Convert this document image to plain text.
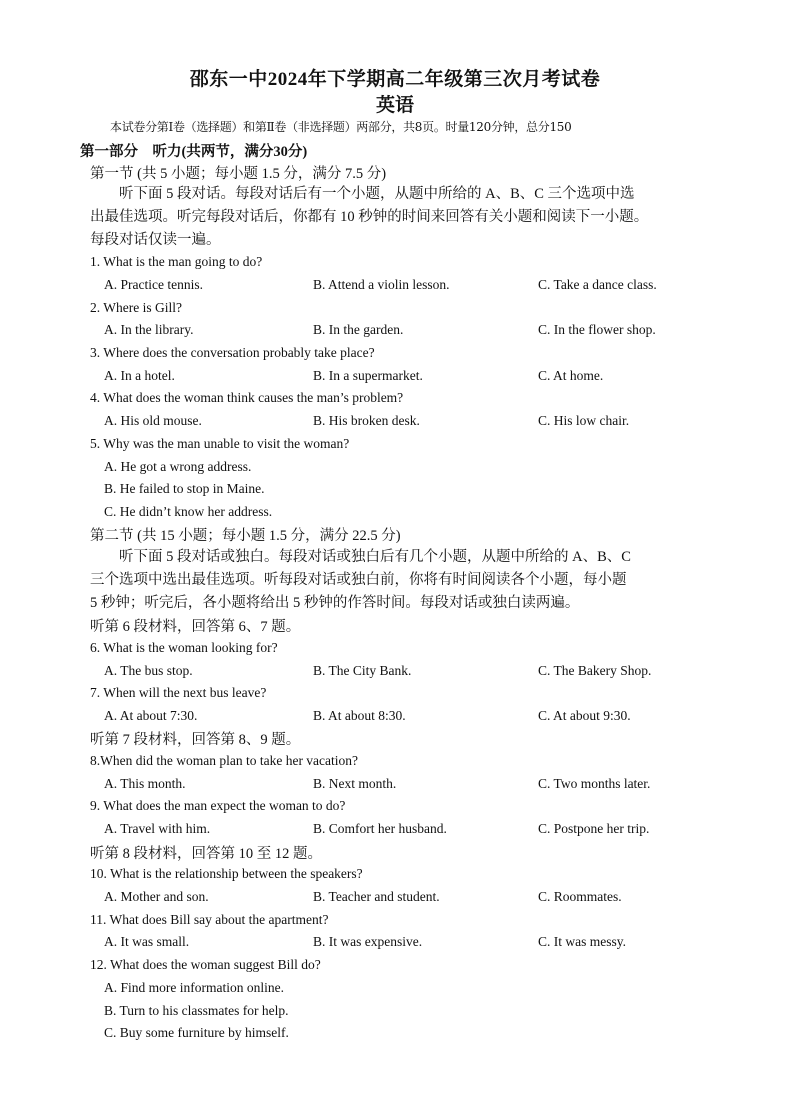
邵东一中2024年下学期高二年级第三次月考试卷
英语
本试卷分第Ⅰ卷（选择题）和第Ⅱ卷（非选择题）两部分，共8页。时量120分钟，总分150
第一部分　听力(共两节，满分30分)
第一节 (共 5 小题；每小题 1.5 分，满分 7.5 分)
　　听下面 5 段对话。每段对话后有一个小题，从题中所给的 A、B、C 三个选项中选
出最佳选项。听完每段对话后，你都有 10 秒钟的时间来回答有关小题和阅读下一小题。
每段对话仅读一遍。
1. What is the man going to do?
A. Practice tennis.	B. Attend a violin lesson.	C. Take a dance class.
2. Where is Gill?
A. In the library.	B. In the garden.	C. In the flower shop.
3. Where does the conversation probably take place?
A. In a hotel.	B. In a supermarket.	C. At home.
4. What does the woman think causes the man’s problem?
A. His old mouse.	B. His broken desk.	C. His low chair.
5. Why was the man unable to visit the woman?
A. He got a wrong address.
B. He failed to stop in Maine.
C. He didn’t know her address.
第二节 (共 15 小题；每小题 1.5 分，满分 22.5 分)
　　听下面 5 段对话或独白。每段对话或独白后有几个小题，从题中所给的 A、B、C
三个选项中选出最佳选项。听每段对话或独白前，你将有时间阅读各个小题，每小题
5 秒钟；听完后，各小题将给出 5 秒钟的作答时间。每段对话或独白读两遍。
听第 6 段材料，回答第 6、7 题。
6. What is the woman looking for?
A. The bus stop.	B. The City Bank.	C. The Bakery Shop.
7. When will the next bus leave?
A. At about 7:30.	B. At about 8:30.	C. At about 9:30.
听第 7 段材料，回答第 8、9 题。
8.When did the woman plan to take her vacation?
A. This month.	B. Next month.	C. Two months later.
9. What does the man expect the woman to do?
A. Travel with him.	B. Comfort her husband.	C. Postpone her trip.
听第 8 段材料，回答第 10 至 12 题。
10. What is the relationship between the speakers?
A. Mother and son.	B. Teacher and student.	C. Roommates.
11. What does Bill say about the apartment?
A. It was small.	B. It was expensive.	C. It was messy.
12. What does the woman suggest Bill do?
A. Find more information online.
B. Turn to his classmates for help.
C. Buy some furniture by himself.
